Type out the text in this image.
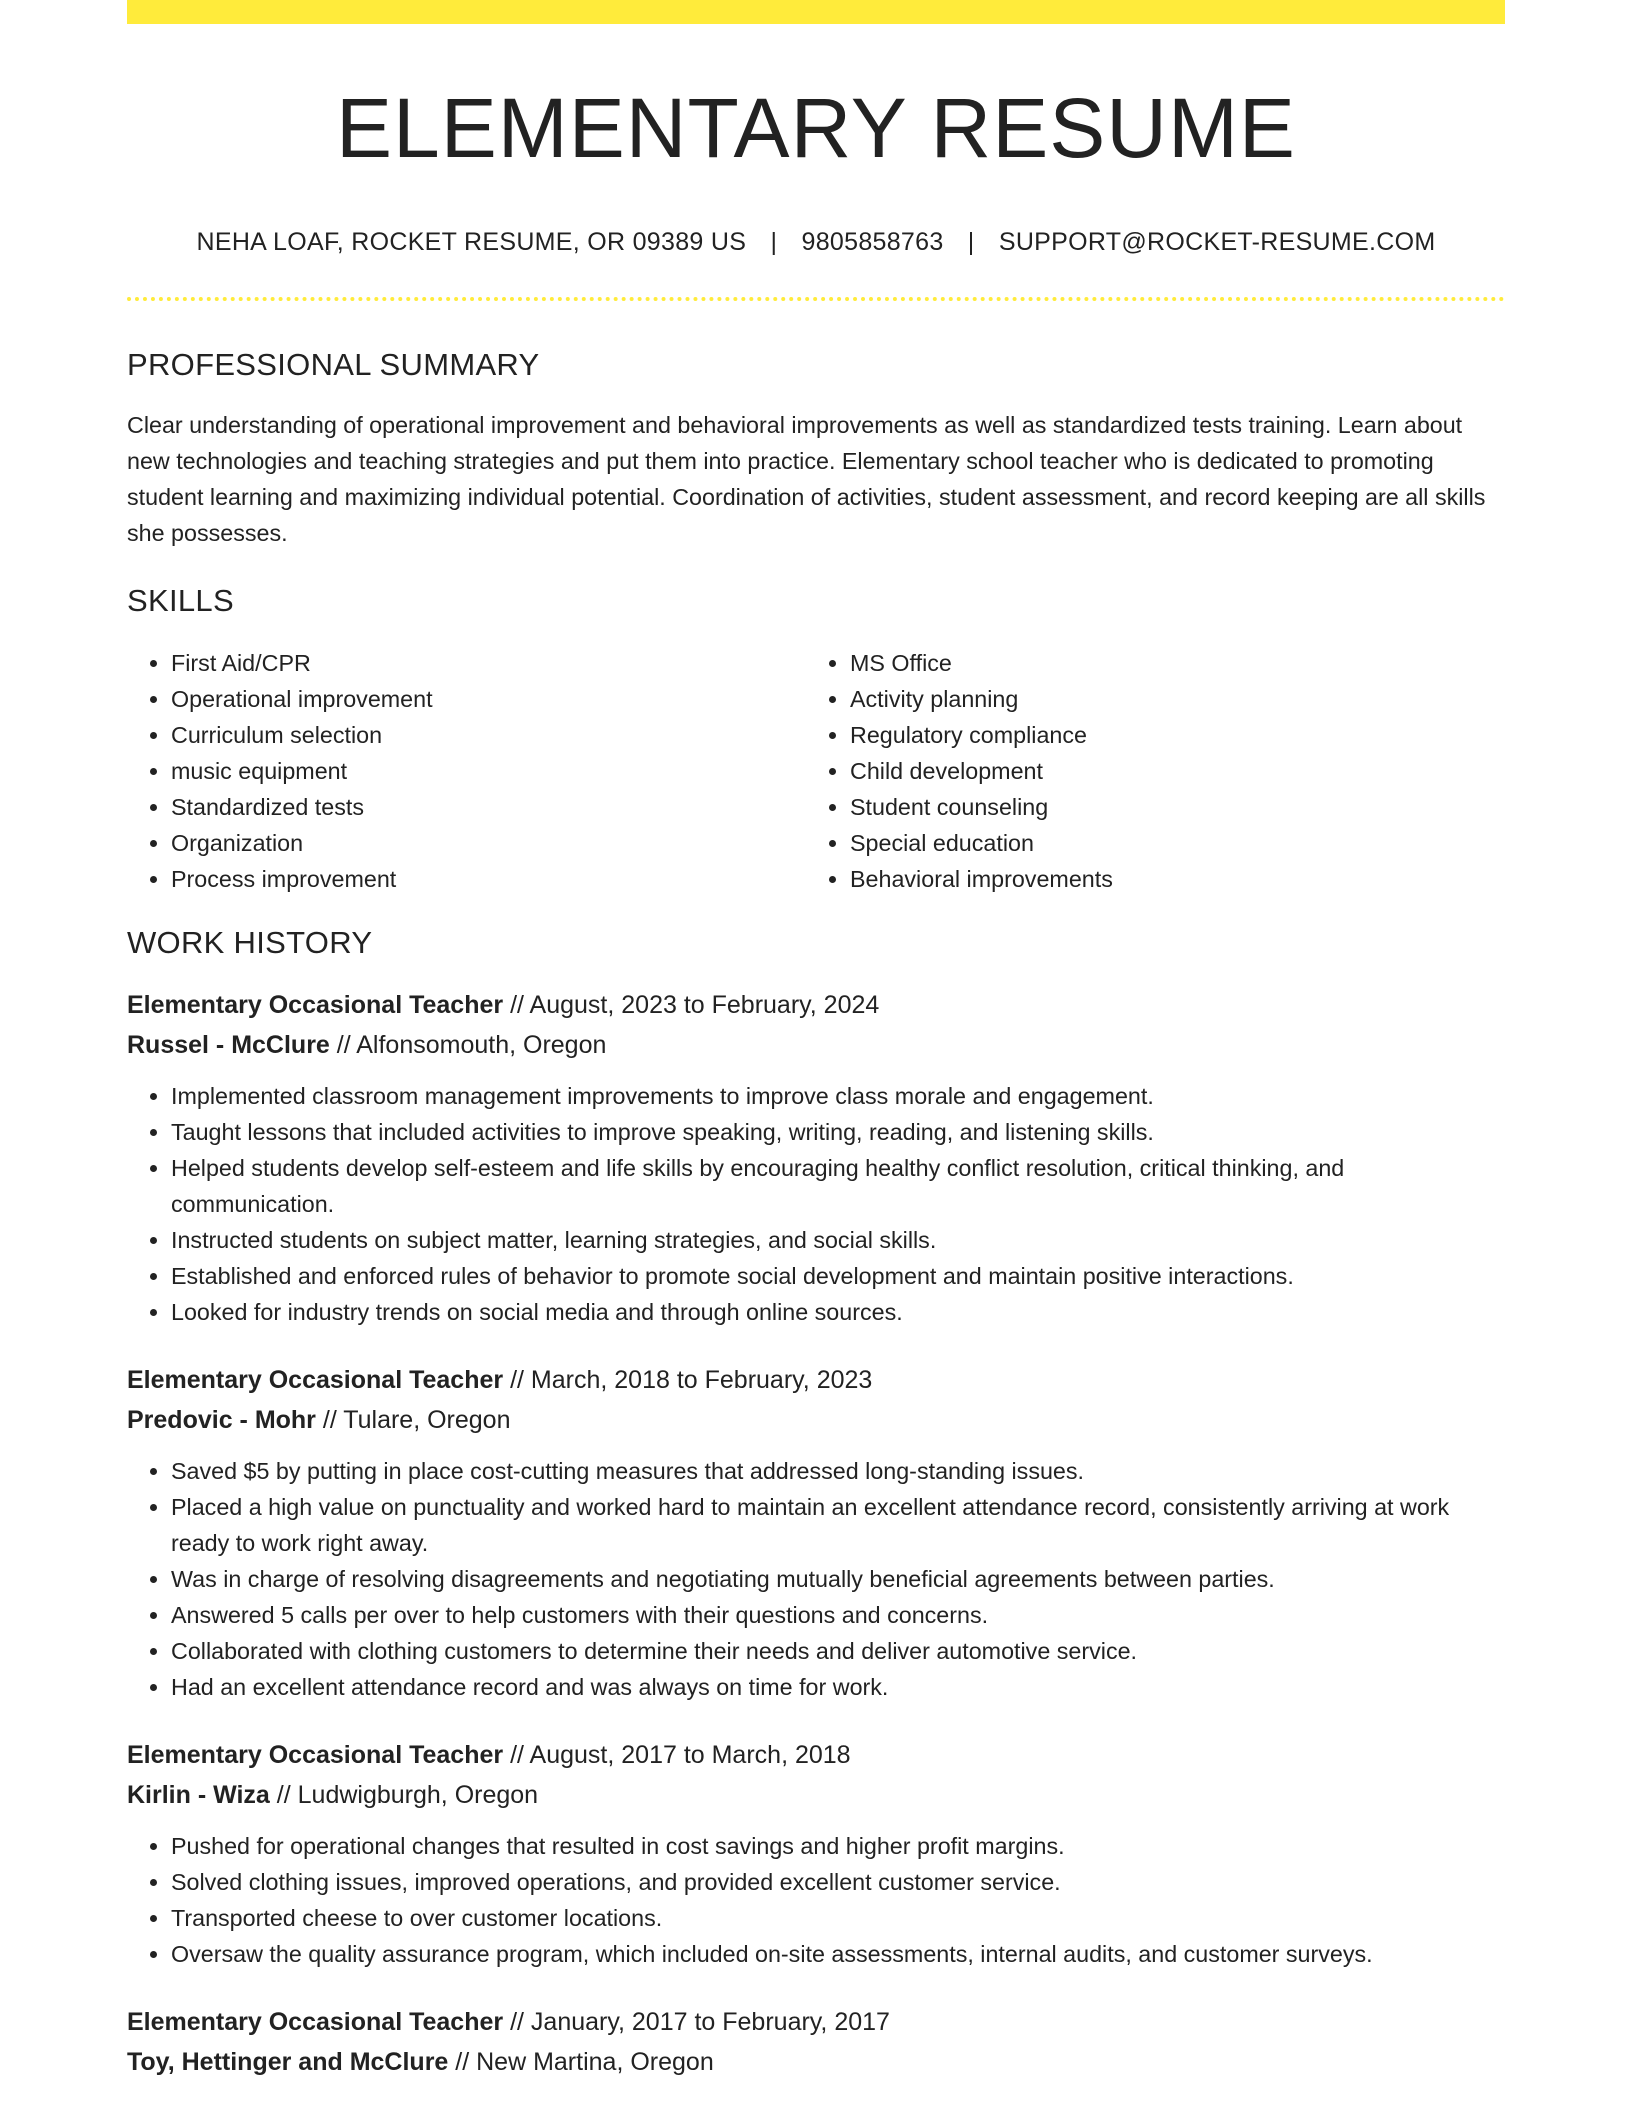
ELEMENTARY RESUME
NEHA LOAF, ROCKET RESUME, OR 09389 US | 9805858763 | SUPPORT@ROCKET-RESUME.COM
PROFESSIONAL SUMMARY
Clear understanding of operational improvement and behavioral improvements as well as standardized tests training. Learn about new technologies and teaching strategies and put them into practice. Elementary school teacher who is dedicated to promoting student learning and maximizing individual potential. Coordination of activities, student assessment, and record keeping are all skills she possesses.
SKILLS
• First Aid/CPR
• Operational improvement
• Curriculum selection
• music equipment
• Standardized tests
• Organization
• Process improvement
• MS Office
• Activity planning
• Regulatory compliance
• Child development
• Student counseling
• Special education
• Behavioral improvements
WORK HISTORY
Elementary Occasional Teacher // August, 2023 to February, 2024
Russel - McClure // Alfonsomouth, Oregon
• Implemented classroom management improvements to improve class morale and engagement.
• Taught lessons that included activities to improve speaking, writing, reading, and listening skills.
• Helped students develop self-esteem and life skills by encouraging healthy conflict resolution, critical thinking, and communication.
• Instructed students on subject matter, learning strategies, and social skills.
• Established and enforced rules of behavior to promote social development and maintain positive interactions.
• Looked for industry trends on social media and through online sources.
Elementary Occasional Teacher // March, 2018 to February, 2023
Predovic - Mohr // Tulare, Oregon
• Saved $5 by putting in place cost-cutting measures that addressed long-standing issues.
• Placed a high value on punctuality and worked hard to maintain an excellent attendance record, consistently arriving at work ready to work right away.
• Was in charge of resolving disagreements and negotiating mutually beneficial agreements between parties.
• Answered 5 calls per over to help customers with their questions and concerns.
• Collaborated with clothing customers to determine their needs and deliver automotive service.
• Had an excellent attendance record and was always on time for work.
Elementary Occasional Teacher // August, 2017 to March, 2018
Kirlin - Wiza // Ludwigburgh, Oregon
• Pushed for operational changes that resulted in cost savings and higher profit margins.
• Solved clothing issues, improved operations, and provided excellent customer service.
• Transported cheese to over customer locations.
• Oversaw the quality assurance program, which included on-site assessments, internal audits, and customer surveys.
Elementary Occasional Teacher // January, 2017 to February, 2017
Toy, Hettinger and McClure // New Martina, Oregon
